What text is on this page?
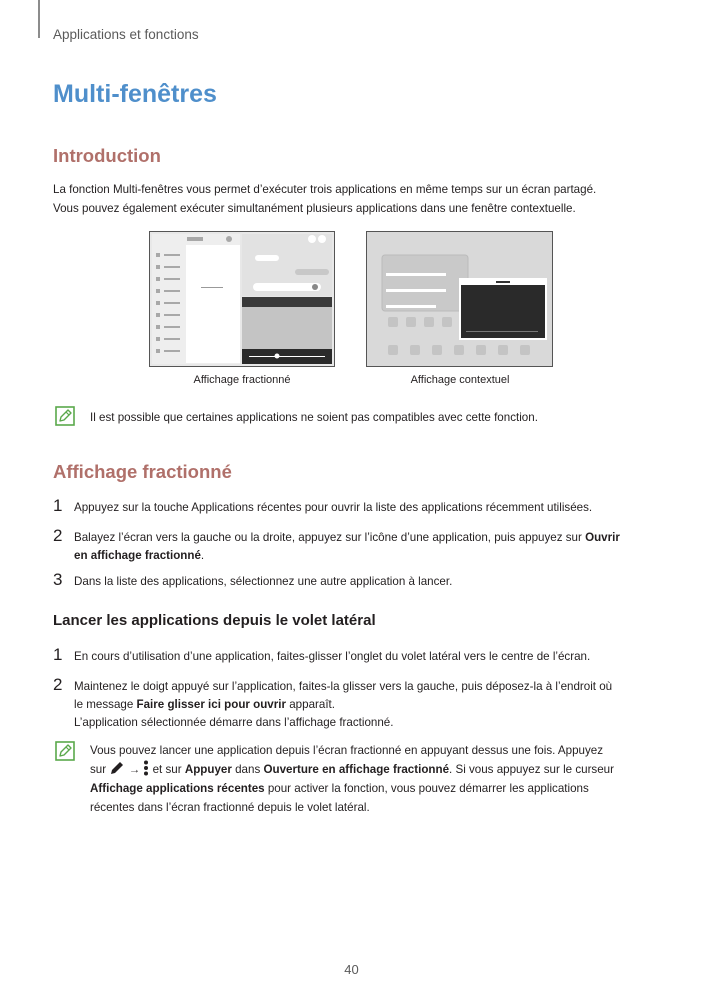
Applications et fonctions
Multi-fenêtres
Introduction

La fonction Multi-fenêtres vous permet d’exécuter trois applications en même temps sur un écran partagé.

Vous pouvez également exécuter simultanément plusieurs applications dans une fenêtre contextuelle.

Affichage fractionné	Affichage contextuel
Il est possible que certaines applications ne soient pas compatibles avec cette fonction.
Affichage fractionné
1 Appuyez sur la touche Applications récentes pour ouvrir la liste des applications récemment utilisées.
2 Balayez l’écran vers la gauche ou la droite, appuyez sur l’icône d’une application, puis appuyez sur Ouvrir
en affichage fractionné.
3 Dans la liste des applications, sélectionnez une autre application à lancer.
Lancer les applications depuis le volet latéral
1 En cours d’utilisation d’une application, faites-glisser l’onglet du volet latéral vers le centre de l’écran.
2 Maintenez le doigt appuyé sur l’application, faites-la glisser vers la gauche, puis déposez-la à l’endroit où
le message Faire glisser ici pour ouvrir apparaît.
L’application sélectionnée démarre dans l’affichage fractionné.

Vous pouvez lancer une application depuis l’écran fractionné en appuyant dessus une fois. Appuyez

sur  →  et sur Appuyer dans Ouverture en affichage fractionné. Si vous appuyez sur le curseur

Affichage applications récentes pour activer la fonction, vous pouvez démarrer les applications

récentes dans l’écran fractionné depuis le volet latéral.

40
